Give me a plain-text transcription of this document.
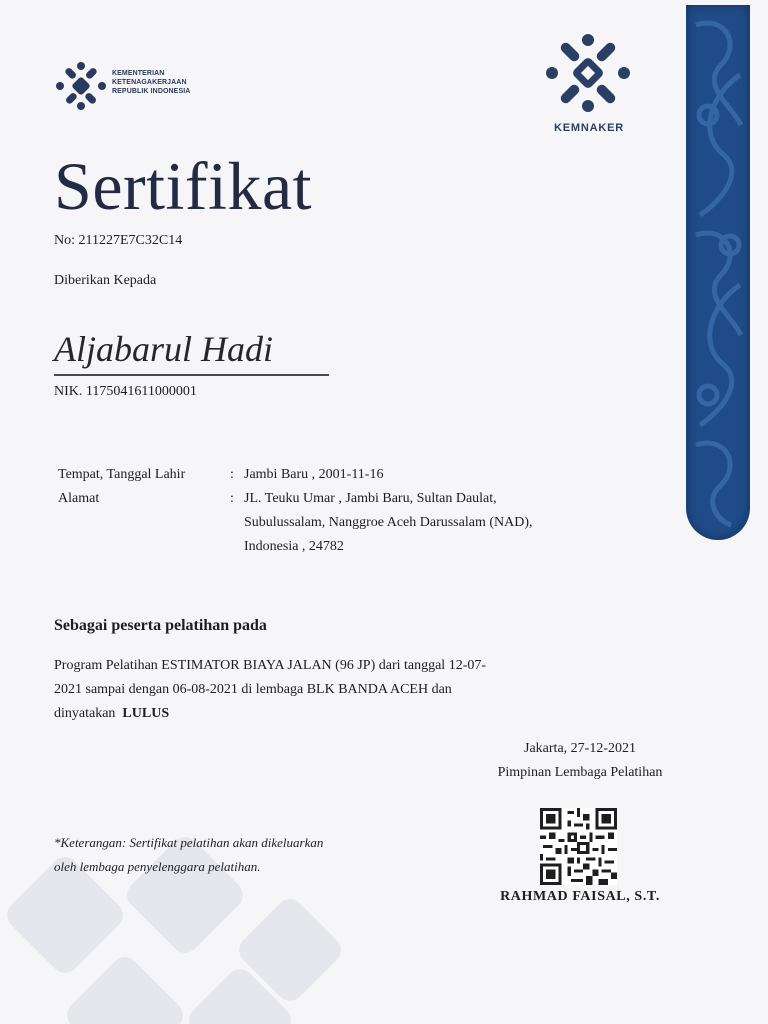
KEMENTERIAN
KETENAGAKERJAAN
REPUBLIK INDONESIA
KEMNAKER
Sertifikat
No: 211227E7C32C14
Diberikan Kepada
Aljabarul Hadi
NIK. 1175041611000001
Tempat, Tanggal Lahir	: Jambi Baru , 2001-11-16
Alamat	: JL. Teuku Umar , Jambi Baru, Sultan Daulat,
Subulussalam, Nanggroe Aceh Darussalam (NAD),
Indonesia , 24782
Sebagai peserta pelatihan pada
Program Pelatihan ESTIMATOR BIAYA JALAN (96 JP) dari tanggal 12-07-
2021 sampai dengan 06-08-2021 di lembaga BLK BANDA ACEH dan
dinyatakan LULUS
Jakarta, 27-12-2021
Pimpinan Lembaga Pelatihan
RAHMAD FAISAL, S.T.
*Keterangan: Sertifikat pelatihan akan dikeluarkan
oleh lembaga penyelenggara pelatihan.
